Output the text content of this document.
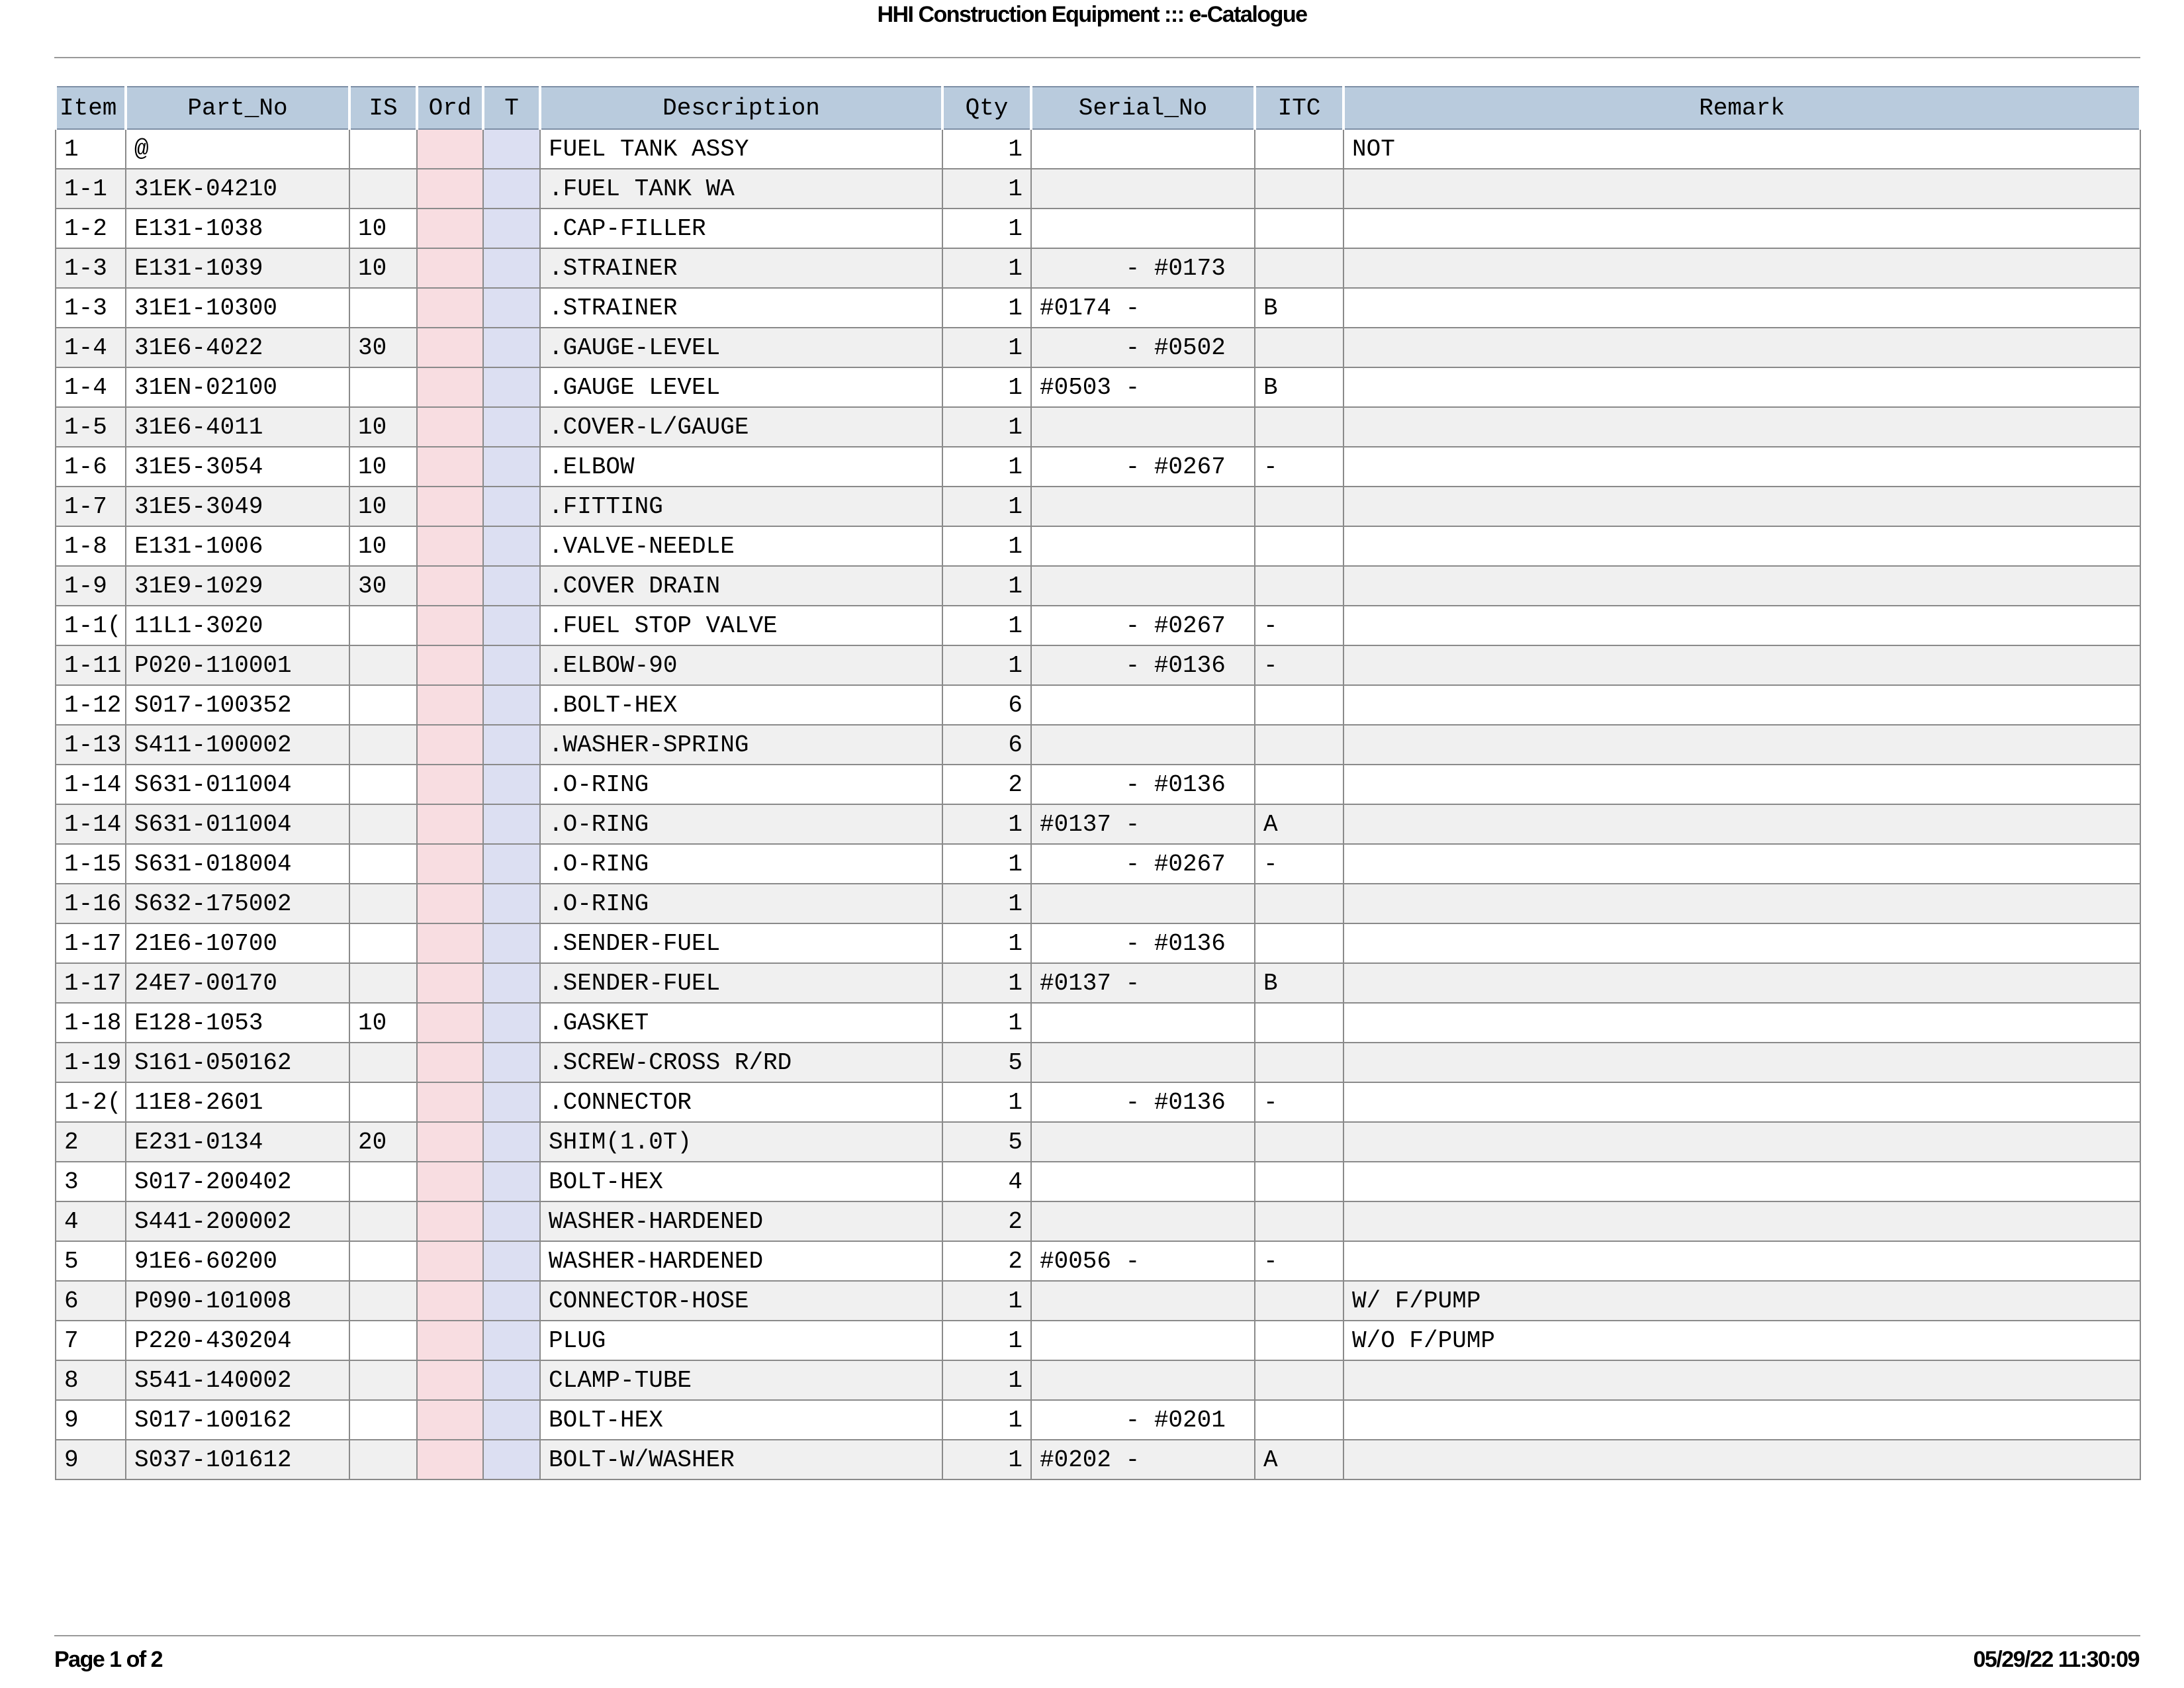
HHI Construction Equipment ::: e-Catalogue
Item	Part_No	IS	Ord	T	Description	Qty	Serial_No	ITC	Remark
1	@				FUEL TANK ASSY	1			NOT
1-1	31EK-04210				.FUEL TANK WA	1			
1-2	E131-1038	10			.CAP-FILLER	1			
1-3	E131-1039	10			.STRAINER	1	- #0173		
1-3	31E1-10300				.STRAINER	1	#0174 -	B	
1-4	31E6-4022	30			.GAUGE-LEVEL	1	- #0502		
1-4	31EN-02100				.GAUGE LEVEL	1	#0503 -	B	
1-5	31E6-4011	10			.COVER-L/GAUGE	1			
1-6	31E5-3054	10			.ELBOW	1	- #0267	-	
1-7	31E5-3049	10			.FITTING	1			
1-8	E131-1006	10			.VALVE-NEEDLE	1			
1-9	31E9-1029	30			.COVER DRAIN	1			
1-1(	11L1-3020				.FUEL STOP VALVE	1	- #0267	-	
1-11	P020-110001				.ELBOW-90	1	- #0136	-	
1-12	S017-100352				.BOLT-HEX	6			
1-13	S411-100002				.WASHER-SPRING	6			
1-14	S631-011004				.O-RING	2	- #0136		
1-14	S631-011004				.O-RING	1	#0137 -	A	
1-15	S631-018004				.O-RING	1	- #0267	-	
1-16	S632-175002				.O-RING	1			
1-17	21E6-10700				.SENDER-FUEL	1	- #0136		
1-17	24E7-00170				.SENDER-FUEL	1	#0137 -	B	
1-18	E128-1053	10			.GASKET	1			
1-19	S161-050162				.SCREW-CROSS R/RD	5			
1-2(	11E8-2601				.CONNECTOR	1	- #0136	-	
2	E231-0134	20			SHIM(1.0T)	5			
3	S017-200402				BOLT-HEX	4			
4	S441-200002				WASHER-HARDENED	2			
5	91E6-60200				WASHER-HARDENED	2	#0056 -	-	
6	P090-101008				CONNECTOR-HOSE	1			W/ F/PUMP
7	P220-430204				PLUG	1			W/O F/PUMP
8	S541-140002				CLAMP-TUBE	1			
9	S017-100162				BOLT-HEX	1	- #0201		
9	S037-101612				BOLT-W/WASHER	1	#0202 -	A	
Page 1 of 2	05/29/22 11:30:09
